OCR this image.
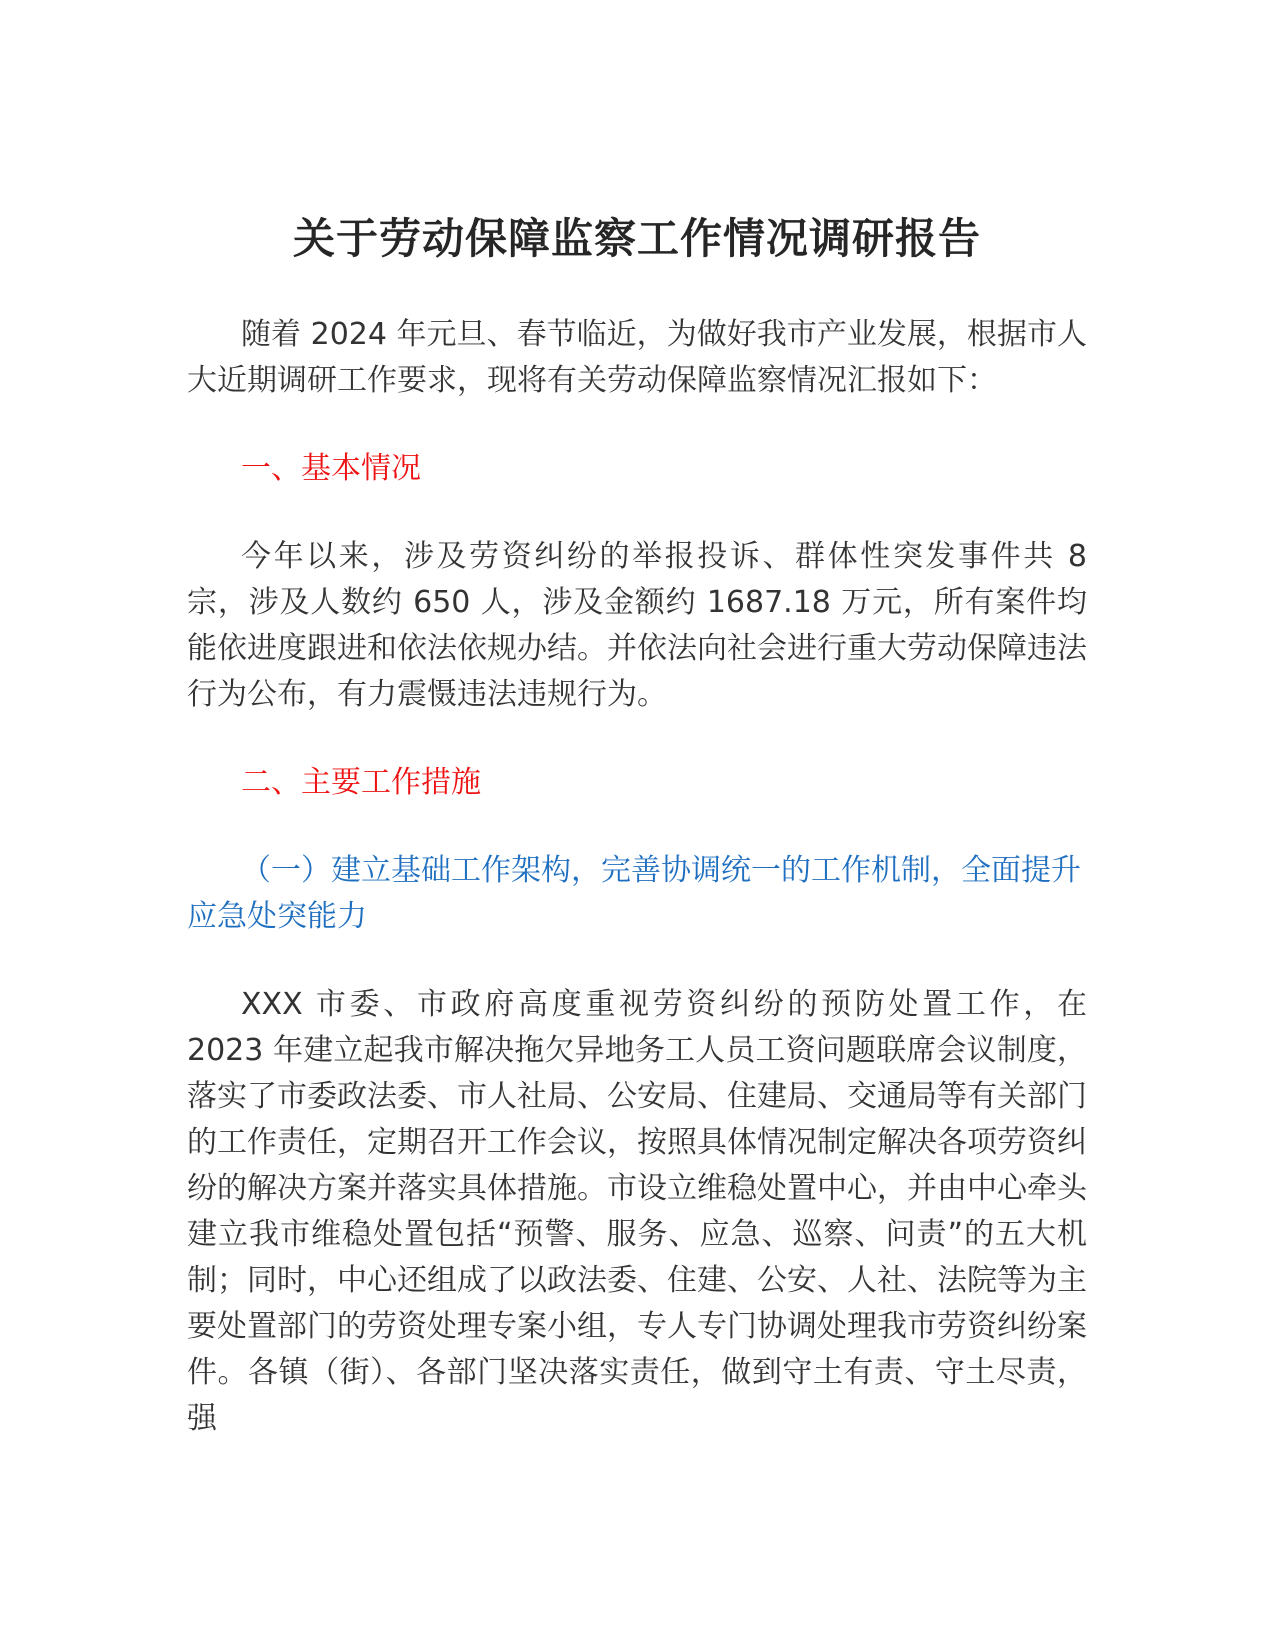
关于劳动保障监察工作情况调研报告

随着 2024 年元旦、春节临近，为做好我市产业发展，根据市人大近期调研工作要求，现将有关劳动保障监察情况汇报如下：

一、基本情况

今年以来，涉及劳资纠纷的举报投诉、群体性突发事件共 8 宗，涉及人数约 650 人，涉及金额约 1687.18 万元，所有案件均能依进度跟进和依法依规办结。并依法向社会进行重大劳动保障违法行为公布，有力震慑违法违规行为。

二、主要工作措施

（一）建立基础工作架构，完善协调统一的工作机制，全面提升应急处突能力

XXX 市委、市政府高度重视劳资纠纷的预防处置工作，在 2023 年建立起我市解决拖欠异地务工人员工资问题联席会议制度，落实了市委政法委、市人社局、公安局、住建局、交通局等有关部门的工作责任，定期召开工作会议，按照具体情况制定解决各项劳资纠纷的解决方案并落实具体措施。市设立维稳处置中心，并由中心牵头建立我市维稳处置包括“预警、服务、应急、巡察、问责”的五大机制；同时，中心还组成了以政法委、住建、公安、人社、法院等为主要处置部门的劳资处理专案小组，专人专门协调处理我市劳资纠纷案件。各镇（街）、各部门坚决落实责任，做到守土有责、守土尽责，强
